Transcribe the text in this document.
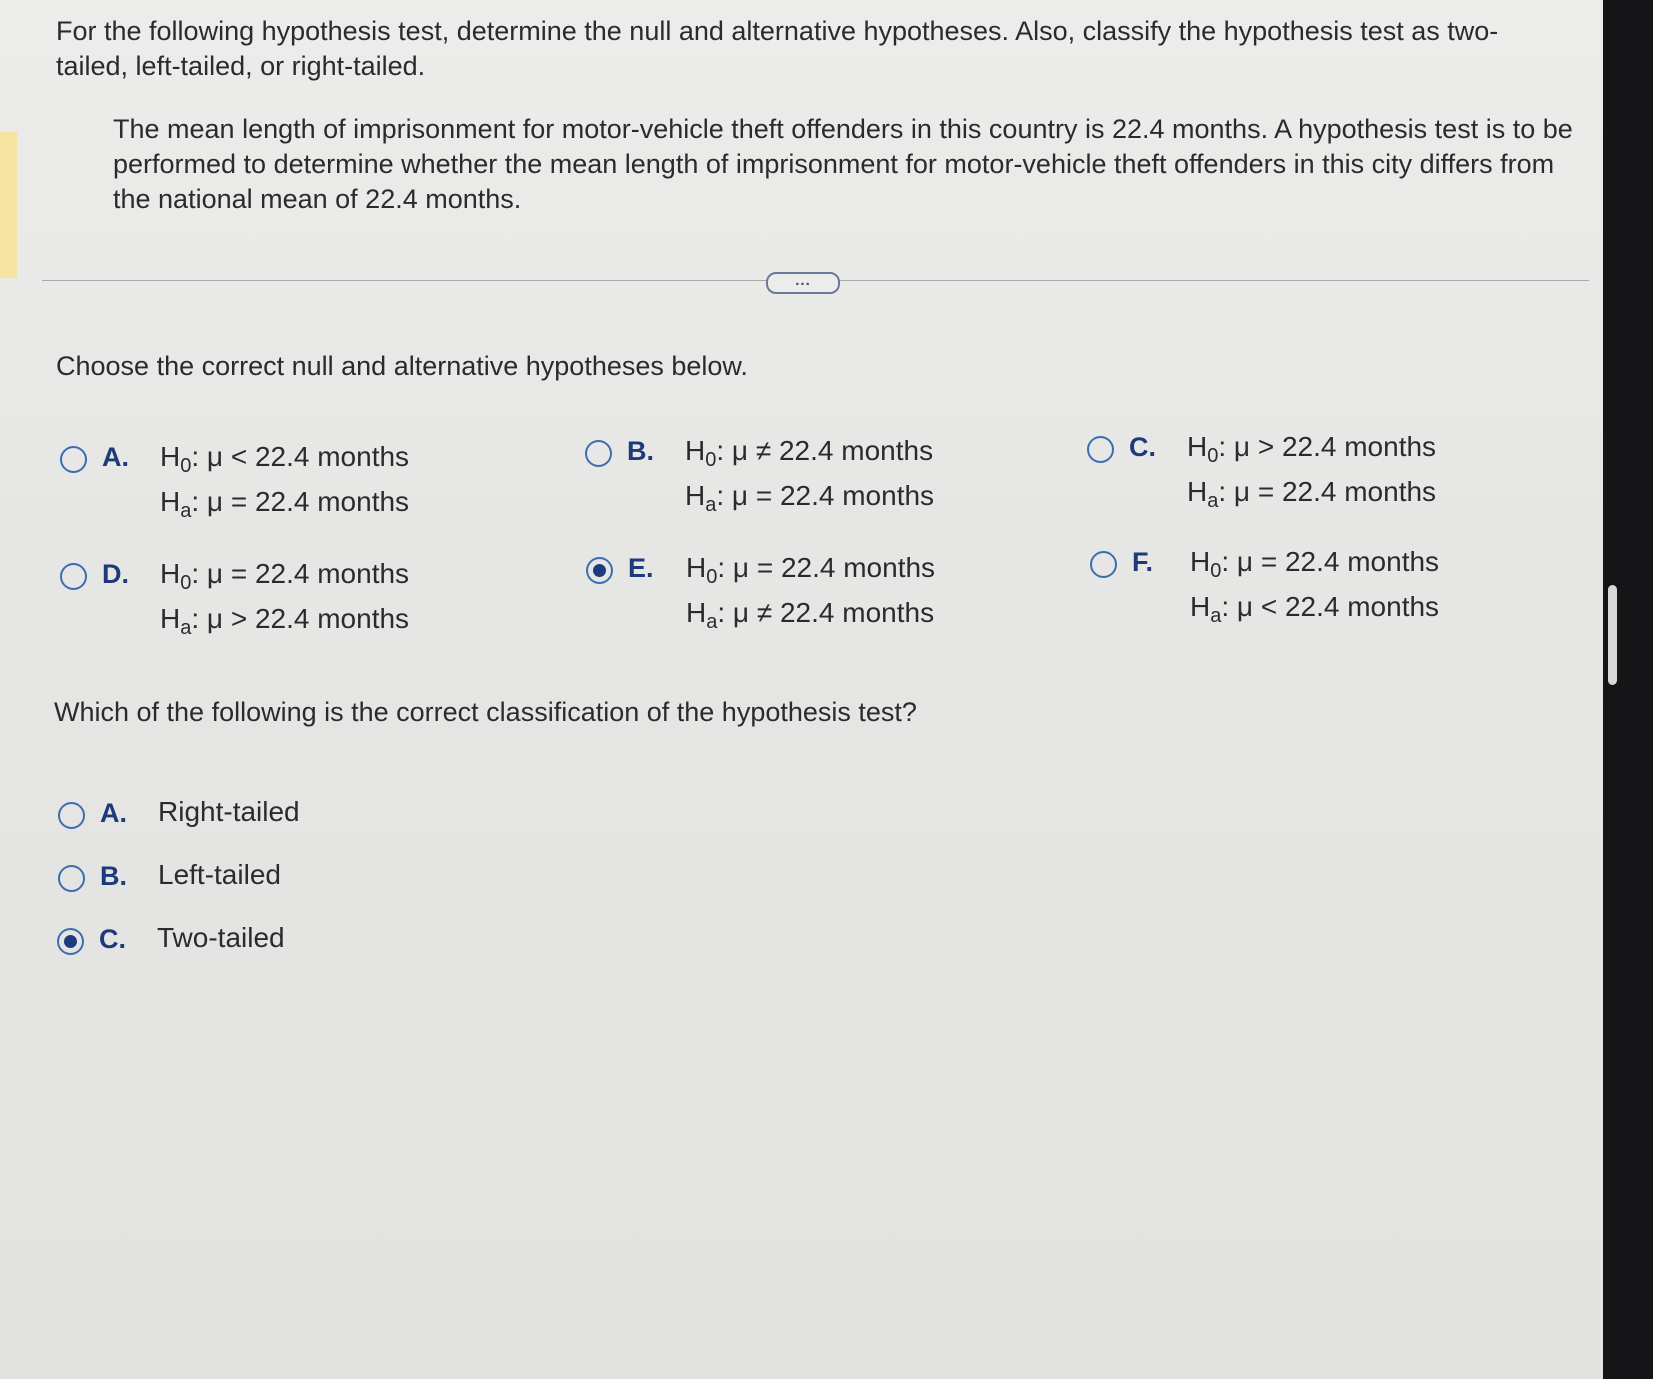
For the following hypothesis test, determine the null and alternative hypotheses. Also, classify the hypothesis test as two-tailed, left-tailed, or right-tailed.
The mean length of imprisonment for motor-vehicle theft offenders in this country is 22.4 months. A hypothesis test is to be performed to determine whether the mean length of imprisonment for motor-vehicle theft offenders in this city differs from the national mean of 22.4 months.
...
Choose the correct null and alternative hypotheses below.
A. $H_0$: μ < 22.4 months
$H_a$: μ = 22.4 months
B. $H_0$: μ ≠ 22.4 months
$H_a$: μ = 22.4 months
C. $H_0$: μ > 22.4 months
$H_a$: μ = 22.4 months
D. $H_0$: μ = 22.4 months
$H_a$: μ > 22.4 months
E. $H_0$: μ = 22.4 months
$H_a$: μ ≠ 22.4 months
F. $H_0$: μ = 22.4 months
$H_a$: μ < 22.4 months
Which of the following is the correct classification of the hypothesis test?
A. Right-tailed
B. Left-tailed
C. Two-tailed
